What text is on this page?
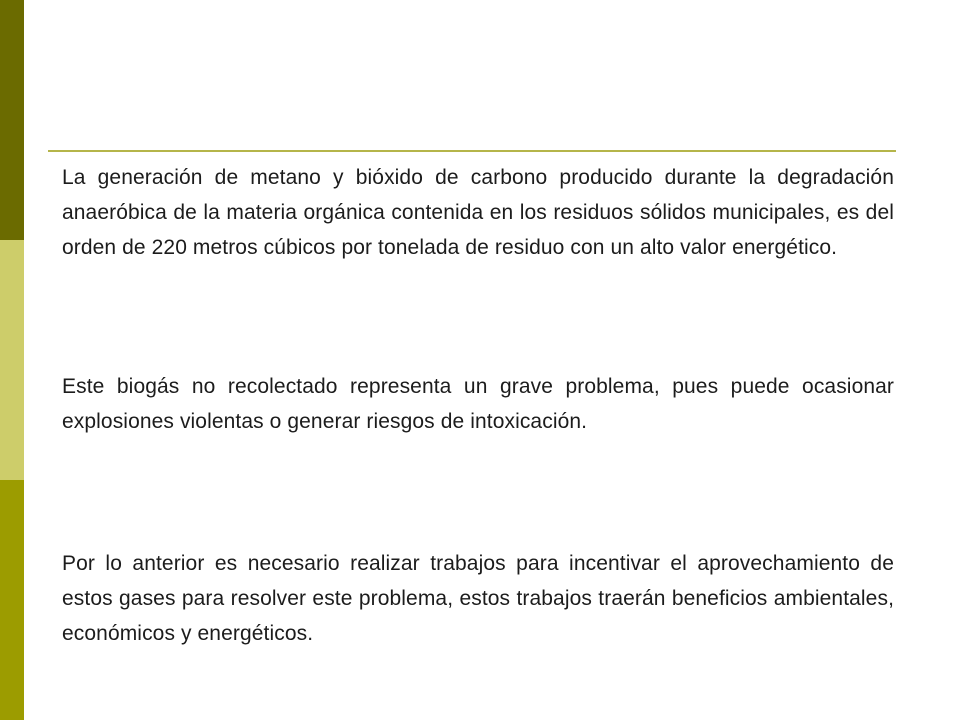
La generación de metano y bióxido de carbono producido durante la degradación anaeróbica de la materia orgánica contenida en los residuos sólidos municipales, es del orden de 220 metros cúbicos por tonelada de residuo con un alto valor energético.

Este biogás no recolectado representa un grave problema, pues puede ocasionar explosiones violentas o generar riesgos de intoxicación.

Por lo anterior es necesario realizar trabajos para incentivar el aprovechamiento de estos gases para resolver este problema, estos trabajos traerán beneficios ambientales, económicos y energéticos.
